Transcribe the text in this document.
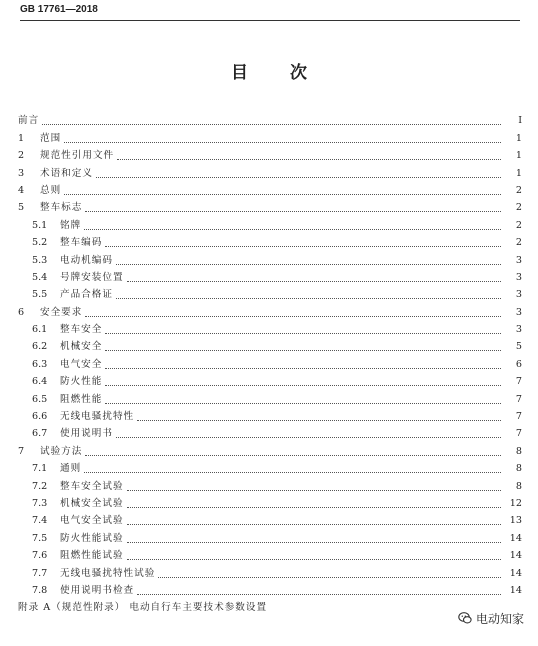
GB 17761—2018
目 次
前言	I
1	范围	1
2	规范性引用文件	1
3	术语和定义	1
4	总则	2
5	整车标志	2
5.1	铭牌	2
5.2	整车编码	2
5.3	电动机编码	3
5.4	号牌安装位置	3
5.5	产品合格证	3
6	安全要求	3
6.1	整车安全	3
6.2	机械安全	5
6.3	电气安全	6
6.4	防火性能	7
6.5	阻燃性能	7
6.6	无线电骚扰特性	7
6.7	使用说明书	7
7	试验方法	8
7.1	通则	8
7.2	整车安全试验	8
7.3	机械安全试验	12
7.4	电气安全试验	13
7.5	防火性能试验	14
7.6	阻燃性能试验	14
7.7	无线电骚扰特性试验	14
7.8	使用说明书检查	14
附录 A（规范性附录） 电动自行车主要技术参数设置
电动知家
